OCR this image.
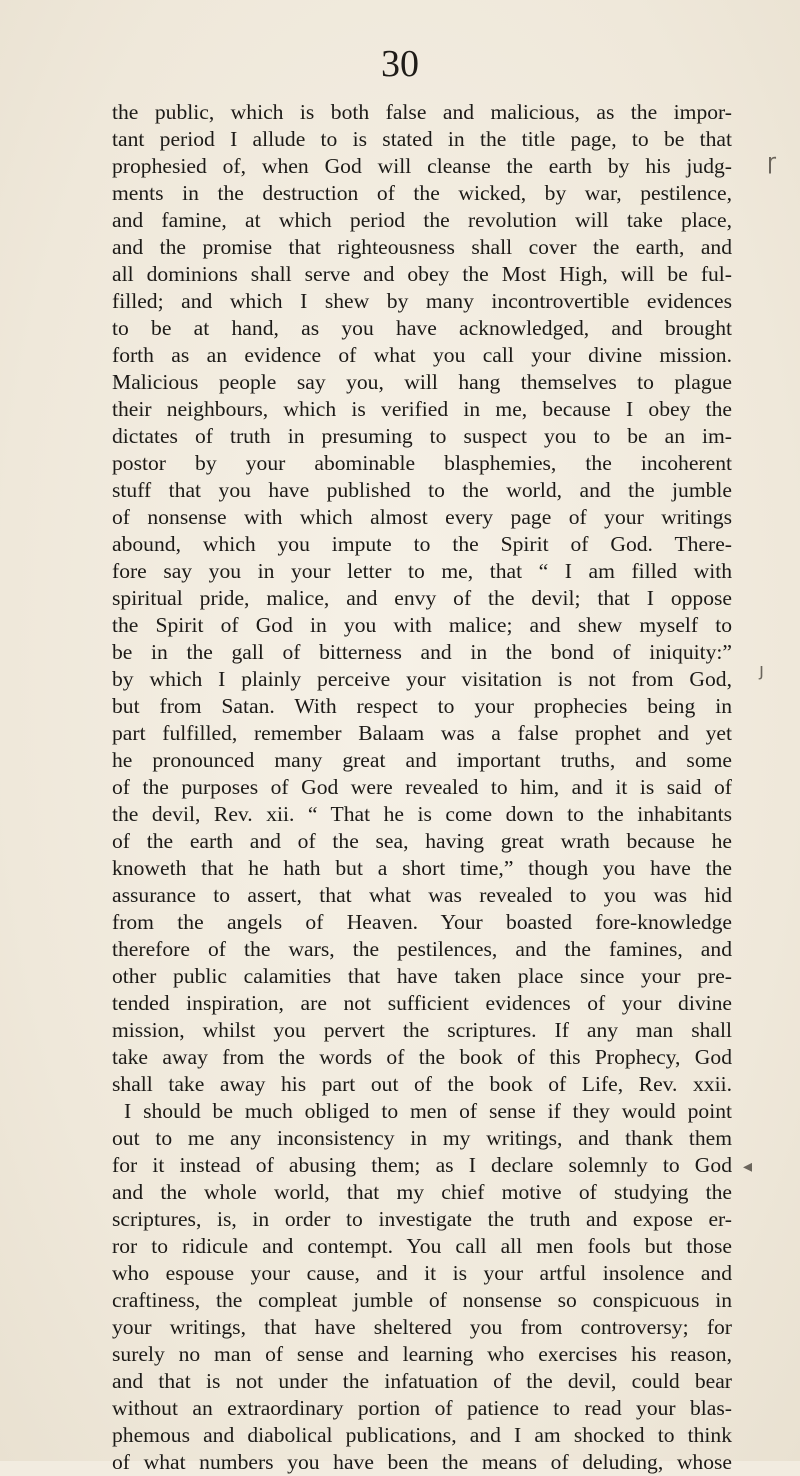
30
the public, which is both false and malicious, as the impor-
tant period I allude to is stated in the title page, to be that
prophesied of, when God will cleanse the earth by his judg-
ments in the destruction of the wicked, by war, pestilence,
and famine, at which period the revolution will take place,
and the promise that righteousness shall cover the earth, and
all dominions shall serve and obey the Most High, will be ful-
filled; and which I shew by many incontrovertible evidences
to be at hand, as you have acknowledged, and brought
forth as an evidence of what you call your divine mission.
Malicious people say you, will hang themselves to plague
their neighbours, which is verified in me, because I obey the
dictates of truth in presuming to suspect you to be an im-
postor by your abominable blasphemies, the incoherent
stuff that you have published to the world, and the jumble
of nonsense with which almost every page of your writings
abound, which you impute to the Spirit of God. There-
fore say you in your letter to me, that “ I am filled with
spiritual pride, malice, and envy of the devil; that I oppose
the Spirit of God in you with malice; and shew myself to
be in the gall of bitterness and in the bond of iniquity:”
by which I plainly perceive your visitation is not from God,
but from Satan. With respect to your prophecies being in
part fulfilled, remember Balaam was a false prophet and yet
he pronounced many great and important truths, and some
of the purposes of God were revealed to him, and it is said of
the devil, Rev. xii. “ That he is come down to the inhabitants
of the earth and of the sea, having great wrath because he
knoweth that he hath but a short time,” though you have the
assurance to assert, that what was revealed to you was hid
from the angels of Heaven. Your boasted fore-knowledge
therefore of the wars, the pestilences, and the famines, and
other public calamities that have taken place since your pre-
tended inspiration, are not sufficient evidences of your divine
mission, whilst you pervert the scriptures. If any man shall
take away from the words of the book of this Prophecy, God
shall take away his part out of the book of Life, Rev. xxii.
I should be much obliged to men of sense if they would point
out to me any inconsistency in my writings, and thank them
for it instead of abusing them; as I declare solemnly to God
and the whole world, that my chief motive of studying the
scriptures, is, in order to investigate the truth and expose er-
ror to ridicule and contempt. You call all men fools but those
who espouse your cause, and it is your artful insolence and
craftiness, the compleat jumble of nonsense so conspicuous in
your writings, that have sheltered you from controversy; for
surely no man of sense and learning who exercises his reason,
and that is not under the infatuation of the devil, could bear
without an extraordinary portion of patience to read your blas-
phemous and diabolical publications, and I am shocked to think
of what numbers you have been the means of deluding, whose
ɼ
ȷ
◂
